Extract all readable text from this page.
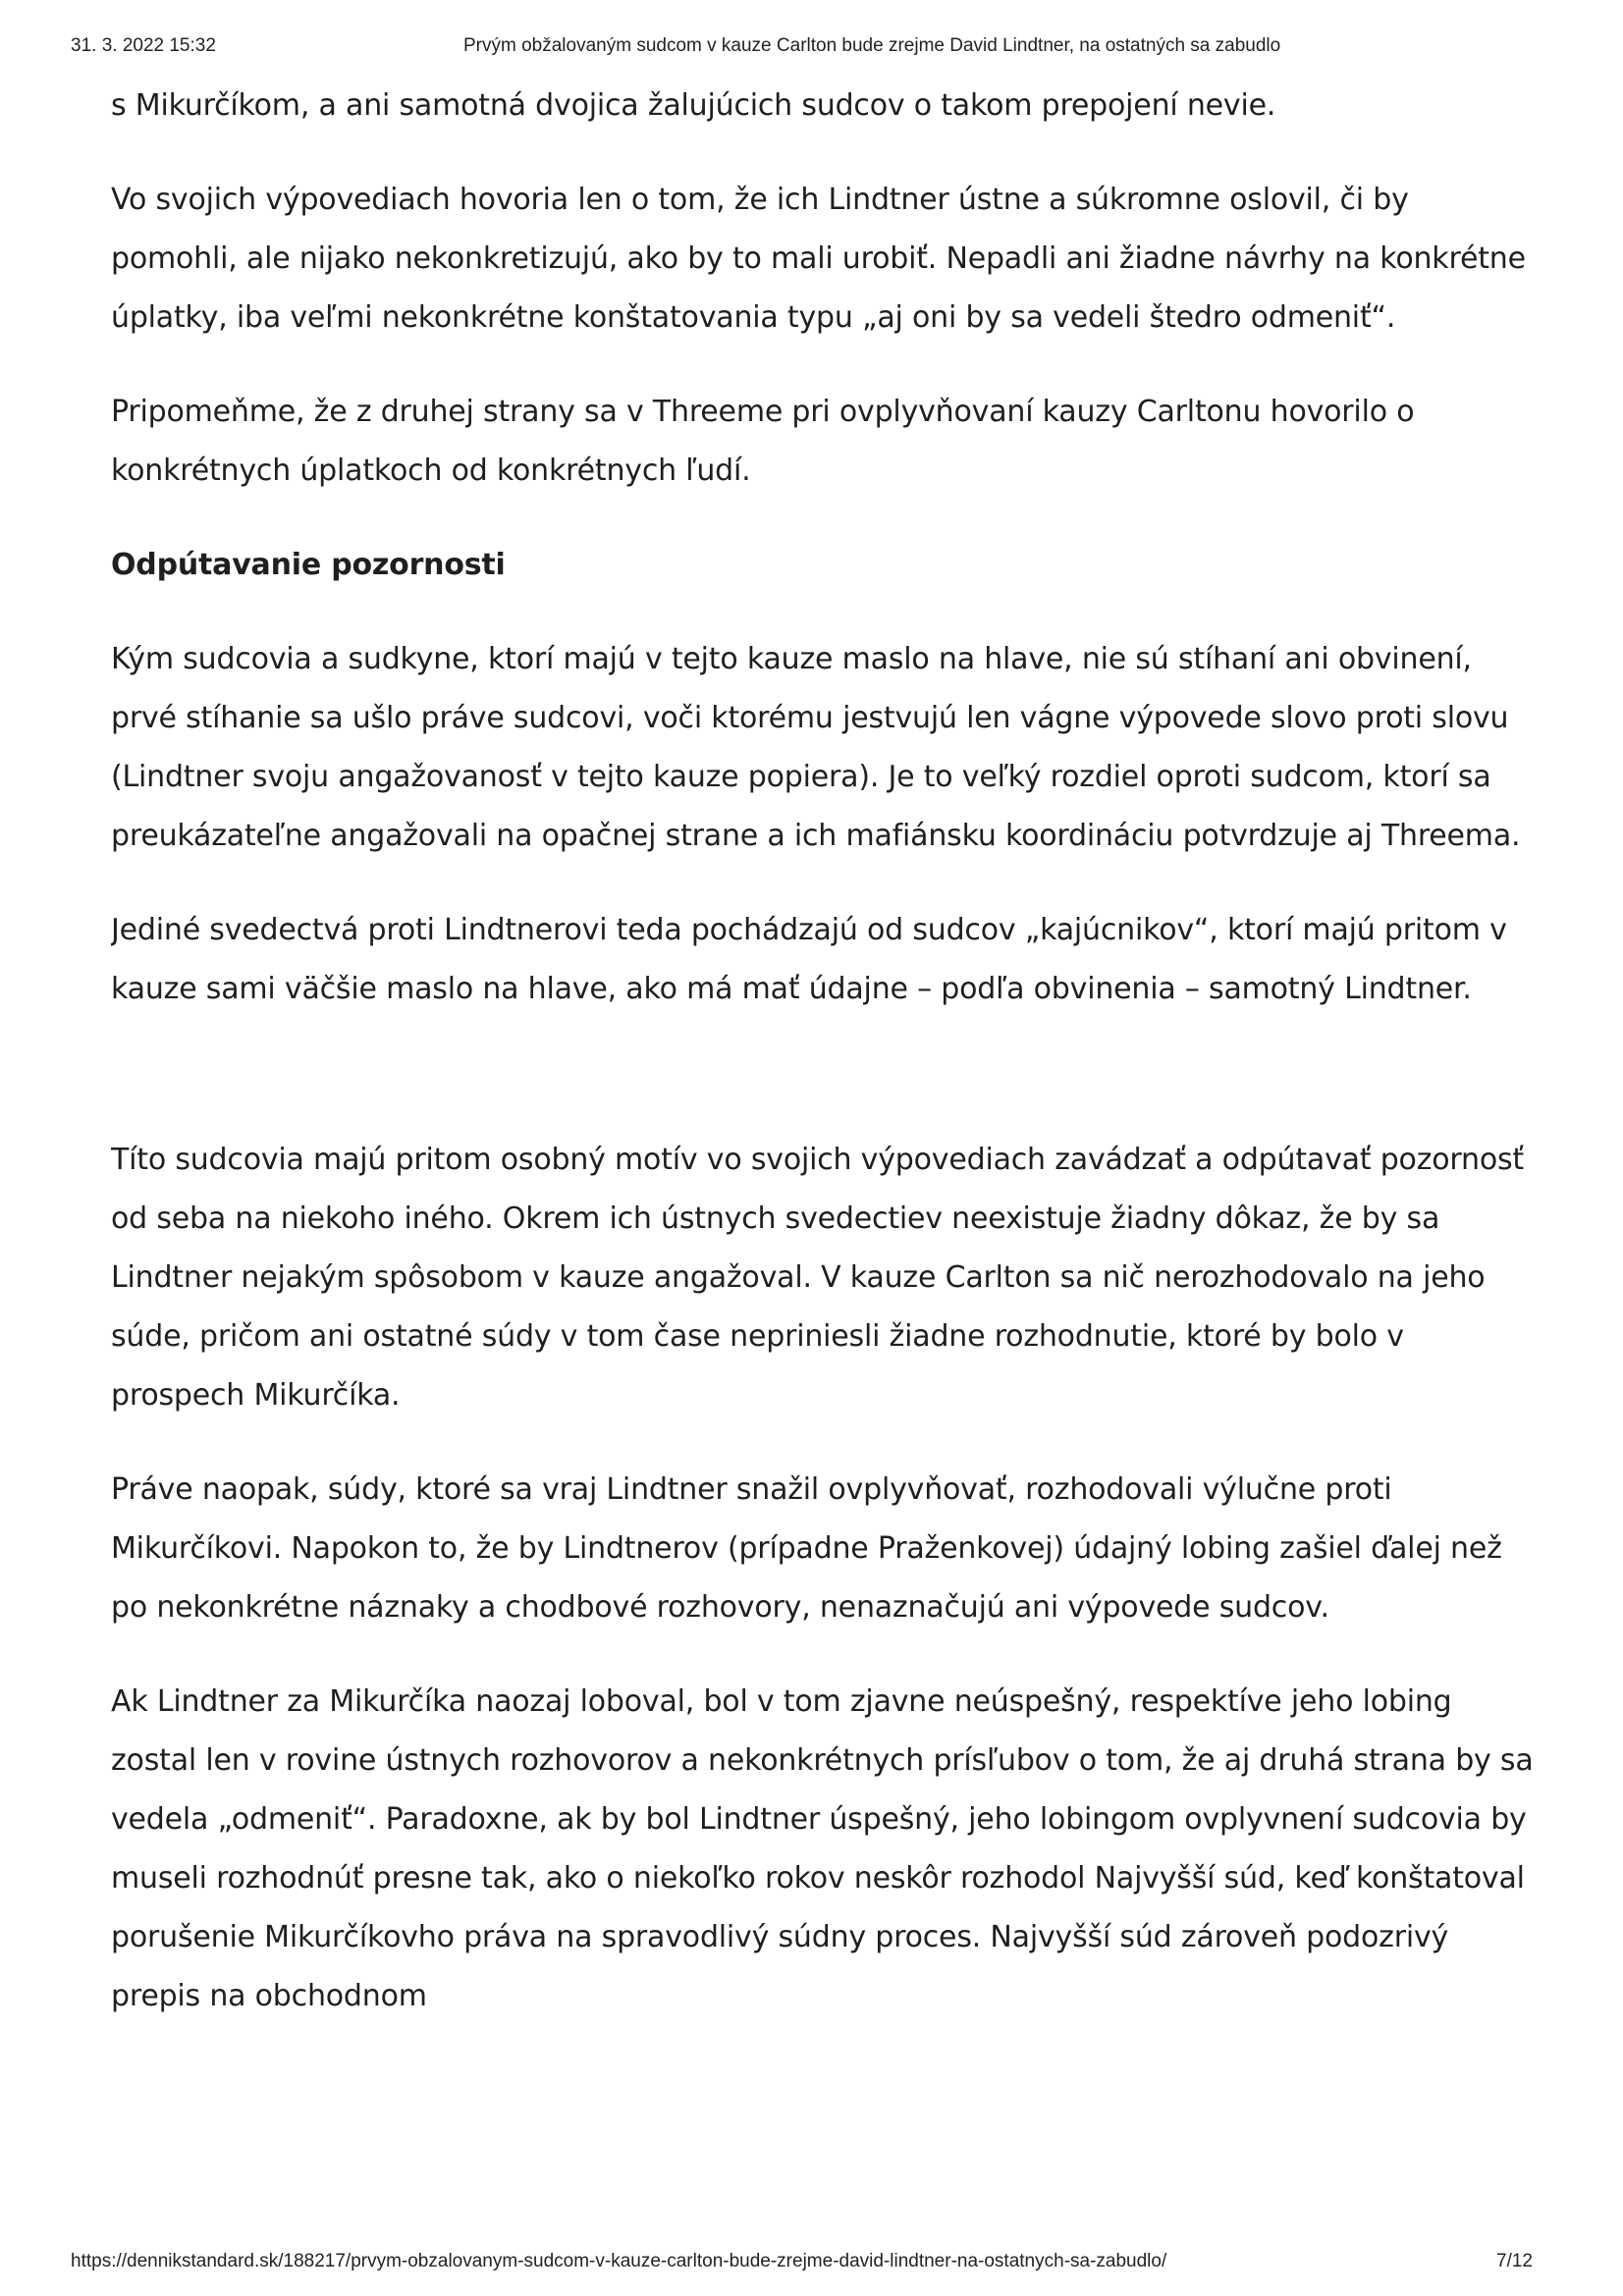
31. 3. 2022 15:32	Prvým obžalovaným sudcom v kauze Carlton bude zrejme David Lindtner, na ostatných sa zabudlo

s Mikurčíkom, a ani samotná dvojica žalujúcich sudcov o takom prepojení nevie.

Vo svojich výpovediach hovoria len o tom, že ich Lindtner ústne a súkromne oslovil, či by pomohli, ale nijako nekonkretizujú, ako by to mali urobiť. Nepadli ani žiadne návrhy na konkrétne úplatky, iba veľmi nekonkrétne konštatovania typu „aj oni by sa vedeli štedro odmeniť“.

Pripomeňme, že z druhej strany sa v Threeme pri ovplyvňovaní kauzy Carltonu hovorilo o konkrétnych úplatkoch od konkrétnych ľudí.

Odpútavanie pozornosti

Kým sudcovia a sudkyne, ktorí majú v tejto kauze maslo na hlave, nie sú stíhaní ani obvinení, prvé stíhanie sa ušlo práve sudcovi, voči ktorému jestvujú len vágne výpovede slovo proti slovu (Lindtner svoju angažovanosť v tejto kauze popiera). Je to veľký rozdiel oproti sudcom, ktorí sa preukázateľne angažovali na opačnej strane a ich mafiánsku koordináciu potvrdzuje aj Threema.

Jediné svedectvá proti Lindtnerovi teda pochádzajú od sudcov „kajúcnikov“, ktorí majú pritom v kauze sami väčšie maslo na hlave, ako má mať údajne – podľa obvinenia – samotný Lindtner.

Títo sudcovia majú pritom osobný motív vo svojich výpovediach zavádzať a odpútavať pozornosť od seba na niekoho iného. Okrem ich ústnych svedectiev neexistuje žiadny dôkaz, že by sa Lindtner nejakým spôsobom v kauze angažoval. V kauze Carlton sa nič nerozhodovalo na jeho súde, pričom ani ostatné súdy v tom čase nepriniesli žiadne rozhodnutie, ktoré by bolo v prospech Mikurčíka.

Práve naopak, súdy, ktoré sa vraj Lindtner snažil ovplyvňovať, rozhodovali výlučne proti Mikurčíkovi. Napokon to, že by Lindtnerov (prípadne Praženkovej) údajný lobing zašiel ďalej než po nekonkrétne náznaky a chodbové rozhovory, nenaznačujú ani výpovede sudcov.

Ak Lindtner za Mikurčíka naozaj loboval, bol v tom zjavne neúspešný, respektíve jeho lobing zostal len v rovine ústnych rozhovorov a nekonkrétnych prísľubov o tom, že aj druhá strana by sa vedela „odmeniť“. Paradoxne, ak by bol Lindtner úspešný, jeho lobingom ovplyvnení sudcovia by museli rozhodnúť presne tak, ako o niekoľko rokov neskôr rozhodol Najvyšší súd, keď konštatoval porušenie Mikurčíkovho práva na spravodlivý súdny proces. Najvyšší súd zároveň podozrivý prepis na obchodnom

https://dennikstandard.sk/188217/prvym-obzalovanym-sudcom-v-kauze-carlton-bude-zrejme-david-lindtner-na-ostatnych-sa-zabudlo/	7/12
